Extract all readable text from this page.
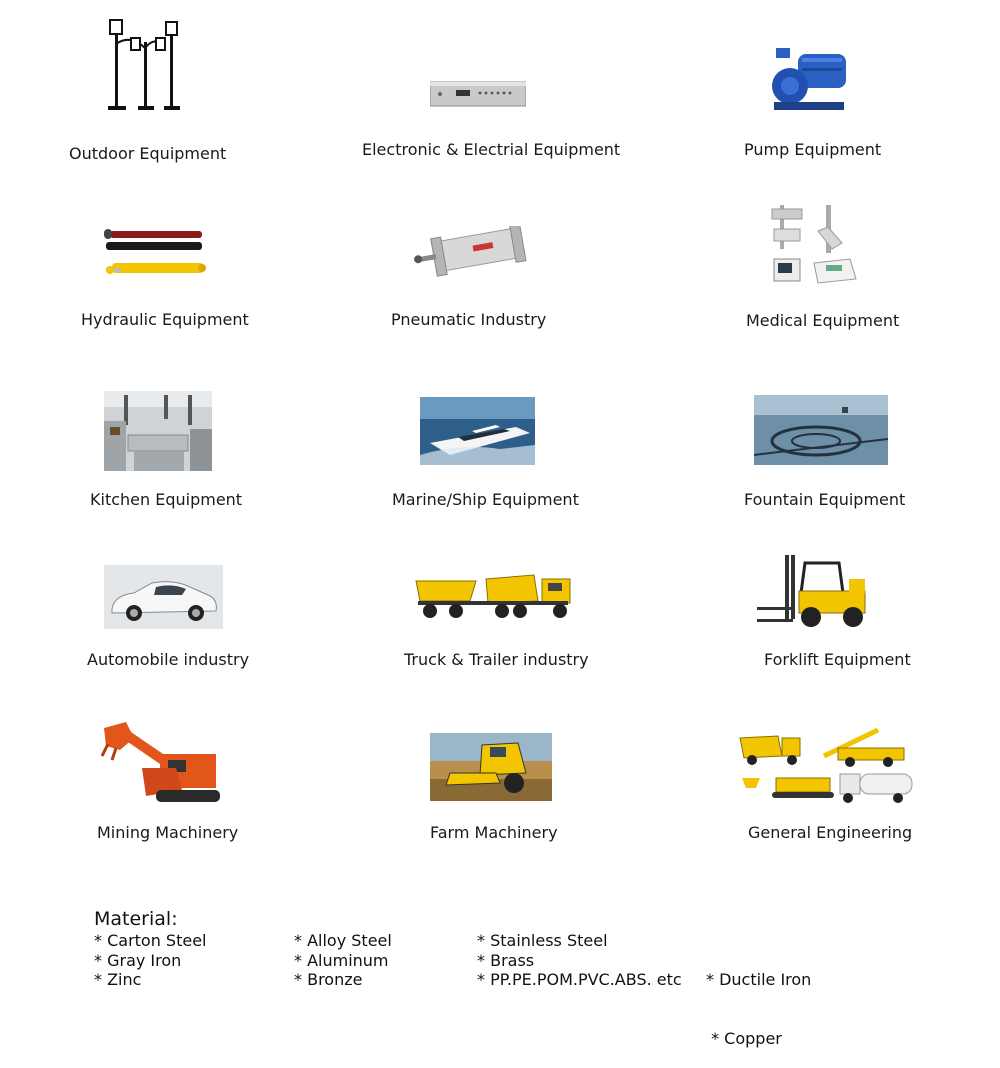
Outdoor Equipment	Electronic & Electrial Equipment	Pump Equipment
Hydraulic Equipment	Pneumatic Industry	Medical Equipment
Kitchen Equipment	Marine/Ship Equipment	Fountain Equipment
Automobile industry	Truck & Trailer industry	Forklift Equipment
Mining Machinery	Farm Machinery	General Engineering
Material:
* Carton Steel
* Gray Iron
* Zinc
* Alloy Steel
* Aluminum
* Bronze
* Stainless Steel
* Brass
* PP.PE.POM.PVC.ABS. etc

* Ductile Iron

* Copper
